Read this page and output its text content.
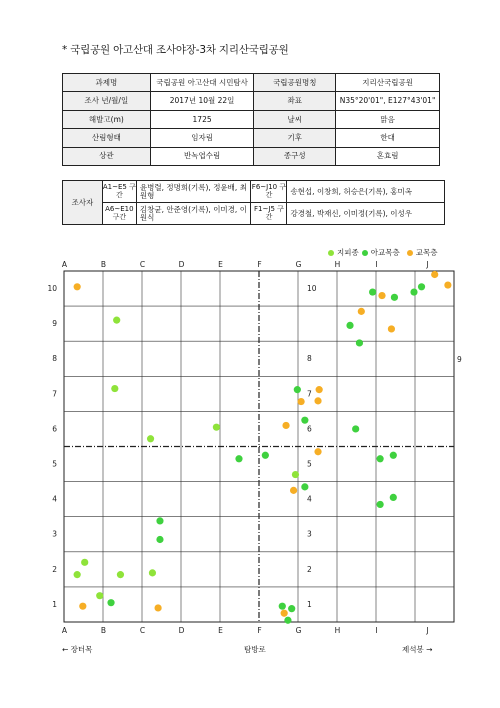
* 국립공원 아고산대 조사야장-3차 지리산국립공원
과제명	국립공원 아고산대 시민탐사	국립공원명칭	지리산국립공원
조사 년/월/일	2017년 10월 22일	좌표	N35°20'01", E127°43'01"
해발고(m)	1725	날씨	맑음
산림형태	임자림	기후	한대
상관	반녹엽수림	종구성	혼효림
조사자	A1~E5 구간	윤병렬, 정명희(기록), 정윤배, 최원형	F6~J10 구간	송현섭, 이창희, 허승은(기록), 홍미옥
	A6~E10 구간	김창균, 안준영(기록), 이미경, 이원식	F1~J5 구간	강경철, 박재신, 이미정(기록), 이성우
지피종 아교목층 교목층
A
A
B
B
C
C
D
D
E
E
F
F
G
G
H
H
I
I
J
J
10
9
8
7
6
5
4
3
2
1
10
8
7
6
5
4
3
2
1
9
← 장터목	탐방로	제석봉 →
